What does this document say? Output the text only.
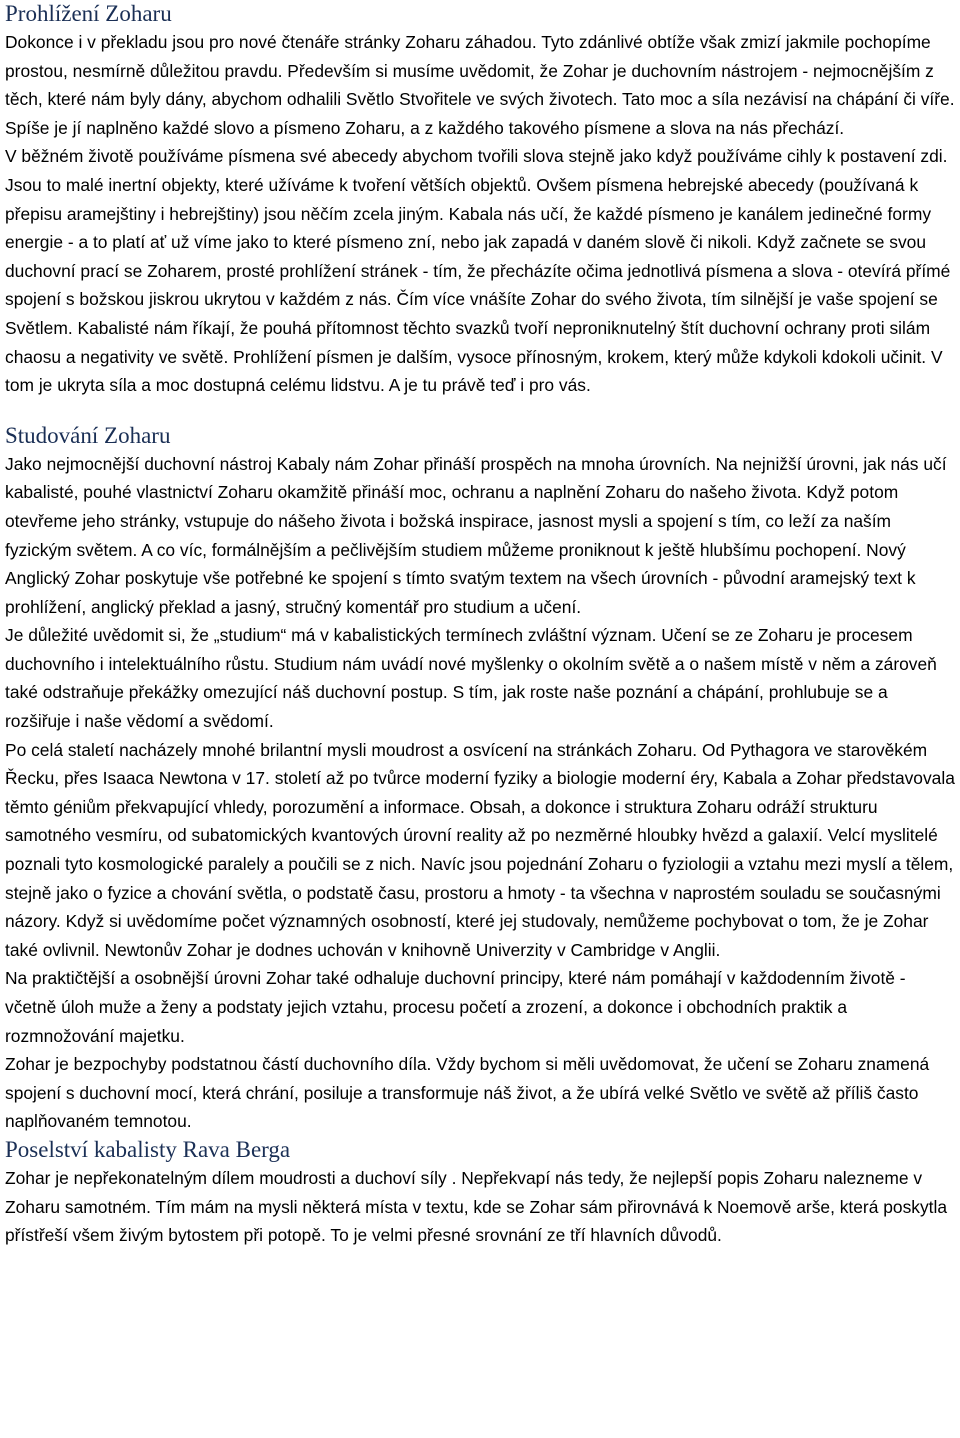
Prohlížení Zoharu

Dokonce i v překladu jsou pro nové čtenáře stránky Zoharu záhadou. Tyto zdánlivé obtíže však zmizí jakmile pochopíme prostou, nesmírně důležitou pravdu. Především si musíme uvědomit, že Zohar je duchovním nástrojem - nejmocnějším z těch, které nám byly dány, abychom odhalili Světlo Stvořitele ve svých životech. Tato moc a síla nezávisí na chápání či víře. Spíše je jí naplněno každé slovo a písmeno Zoharu, a z každého takového písmene a slova na nás přechází.

V běžném životě používáme písmena své abecedy abychom tvořili slova stejně jako když používáme cihly k postavení zdi. Jsou to malé inertní objekty, které užíváme k tvoření větších objektů. Ovšem písmena hebrejské abecedy (používaná k přepisu aramejštiny i hebrejštiny) jsou něčím zcela jiným. Kabala nás učí, že každé písmeno je kanálem jedinečné formy energie - a to platí ať už víme jako to které písmeno zní, nebo jak zapadá v daném slově či nikoli. Když začnete se svou duchovní prací se Zoharem, prosté prohlížení stránek - tím, že přecházíte očima jednotlivá písmena a slova - otevírá přímé spojení s božskou jiskrou ukrytou v každém z nás. Čím více vnášíte Zohar do svého života, tím silnější je vaše spojení se Světlem. Kabalisté nám říkají, že pouhá přítomnost těchto svazků tvoří neproniknutelný štít duchovní ochrany proti silám chaosu a negativity ve světě. Prohlížení písmen je dalším, vysoce přínosným, krokem, který může kdykoli kdokoli učinit. V tom je ukryta síla a moc dostupná celému lidstvu. A je tu právě teď i pro vás.

Studování Zoharu

Jako nejmocnější duchovní nástroj Kabaly nám Zohar přináší prospěch na mnoha úrovních. Na nejnižší úrovni, jak nás učí kabalisté, pouhé vlastnictví Zoharu okamžitě přináší moc, ochranu a naplnění Zoharu do našeho života. Když potom otevřeme jeho stránky, vstupuje do nášeho života i božská inspirace, jasnost mysli a spojení s tím, co leží za naším fyzickým světem. A co víc, formálnějším a pečlivějším studiem můžeme proniknout k ještě hlubšímu pochopení. Nový Anglický Zohar poskytuje vše potřebné ke spojení s tímto svatým textem na všech úrovních - původní aramejský text k prohlížení, anglický překlad a jasný, stručný komentář pro studium a učení.

Je důležité uvědomit si, že „studium“ má v kabalistických termínech zvláštní význam. Učení se ze Zoharu je procesem duchovního i intelektuálního růstu. Studium nám uvádí nové myšlenky o okolním světě a o našem místě v něm a zároveň také odstraňuje překážky omezující náš duchovní postup. S tím, jak roste naše poznání a chápání, prohlubuje se a rozšiřuje i naše vědomí a svědomí.

Po celá staletí nacházely mnohé brilantní mysli moudrost a osvícení na stránkách Zoharu. Od Pythagora ve starověkém Řecku, přes Isaaca Newtona v 17. století až po tvůrce moderní fyziky a biologie moderní éry, Kabala a Zohar představovala těmto géniům překvapující vhledy, porozumění a informace. Obsah, a dokonce i struktura Zoharu odráží strukturu samotného vesmíru, od subatomických kvantových úrovní reality až po nezměrné hloubky hvězd a galaxií. Velcí myslitelé poznali tyto kosmologické paralely a poučili se z nich. Navíc jsou pojednání Zoharu o fyziologii a vztahu mezi myslí a tělem, stejně jako o fyzice a chování světla, o podstatě času, prostoru a hmoty - ta všechna v naprostém souladu se současnými názory. Když si uvědomíme počet významných osobností, které jej studovaly, nemůžeme pochybovat o tom, že je Zohar také ovlivnil. Newtonův Zohar je dodnes uchován v knihovně Univerzity v Cambridge v Anglii.

Na praktičtější a osobnější úrovni Zohar také odhaluje duchovní principy, které nám pomáhají v každodenním životě - včetně úloh muže a ženy a podstaty jejich vztahu, procesu početí a zrození, a dokonce i obchodních praktik a rozmnožování majetku.

Zohar je bezpochyby podstatnou částí duchovního díla. Vždy bychom si měli uvědomovat, že učení se Zoharu znamená spojení s duchovní mocí, která chrání, posiluje a transformuje náš život, a že ubírá velké Světlo ve světě až příliš často naplňovaném temnotou.

Poselství kabalisty Rava Berga

Zohar je nepřekonatelným dílem moudrosti a duchoví síly . Nepřekvapí nás tedy, že nejlepší popis Zoharu nalezneme v Zoharu samotném. Tím mám na mysli některá místa v textu, kde se Zohar sám přirovnává k Noemově arše, která poskytla přístřeší všem živým bytostem při potopě. To je velmi přesné srovnání ze tří hlavních důvodů.
